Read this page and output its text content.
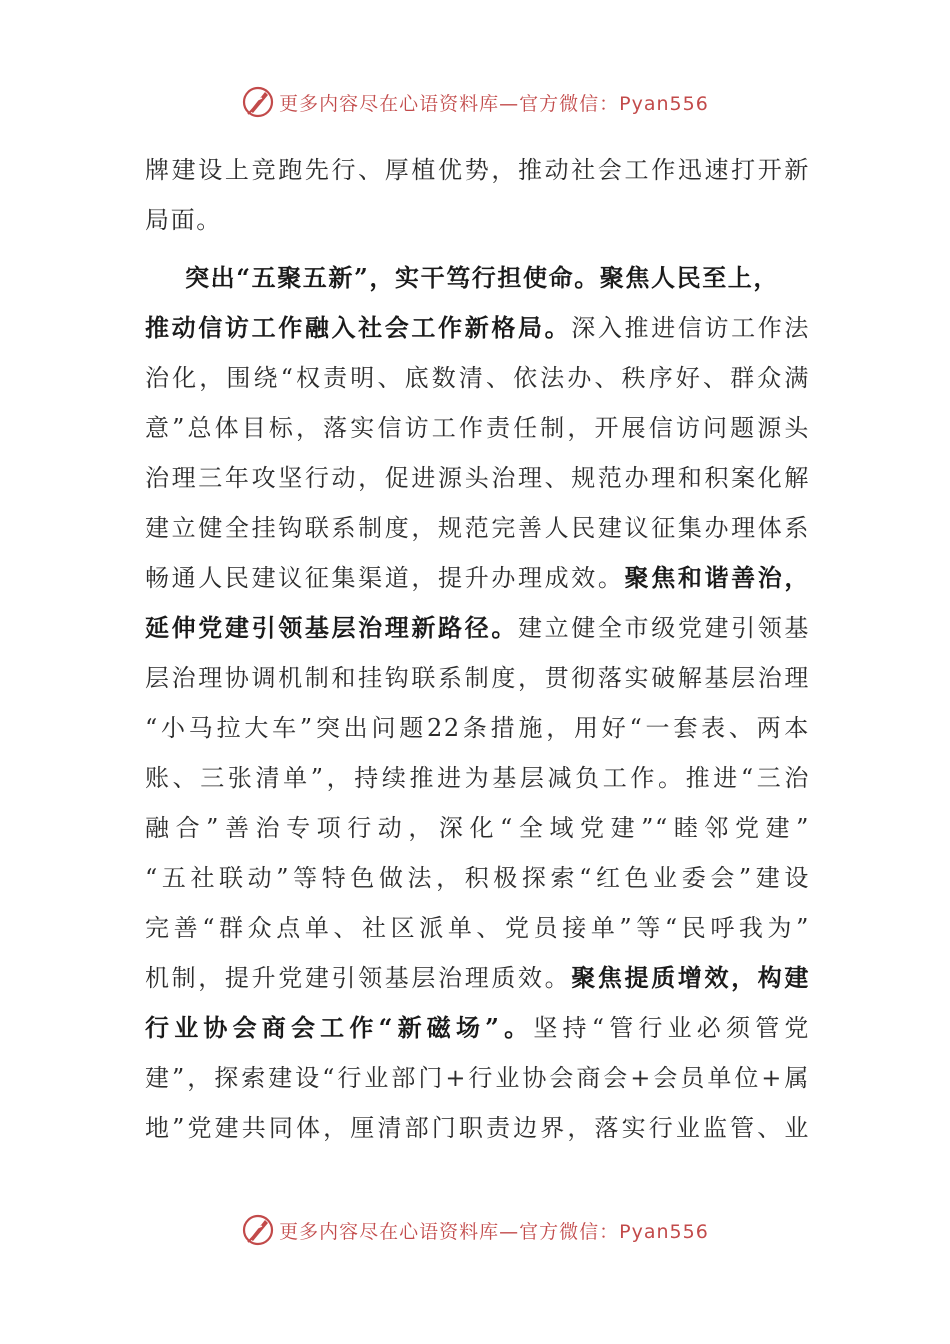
更多内容尽在心语资料库—官方微信：Pyan556
牌建设上竞跑先行、厚植优势，推动社会工作迅速打开新
局面。
突出“五聚五新”，实干笃行担使命。聚焦人民至上，
推动信访工作融入社会工作新格局。深入推进信访工作法
治化，围绕“权责明、底数清、依法办、秩序好、群众满
意”总体目标，落实信访工作责任制，开展信访问题源头
治理三年攻坚行动，促进源头治理、规范办理和积案化解
建立健全挂钩联系制度，规范完善人民建议征集办理体系
畅通人民建议征集渠道，提升办理成效。聚焦和谐善治，
延伸党建引领基层治理新路径。建立健全市级党建引领基
层治理协调机制和挂钩联系制度，贯彻落实破解基层治理
“小马拉大车”突出问题22条措施，用好“一套表、两本
账、三张清单”，持续推进为基层减负工作。推进“三治
融合”善治专项行动，深化“全域党建”“睦邻党建”
“五社联动”等特色做法，积极探索“红色业委会”建设
完善“群众点单、社区派单、党员接单”等“民呼我为”
机制，提升党建引领基层治理质效。聚焦提质增效，构建
行业协会商会工作“新磁场”。坚持“管行业必须管党
建”，探索建设“行业部门+行业协会商会+会员单位+属
地”党建共同体，厘清部门职责边界，落实行业监管、业
更多内容尽在心语资料库—官方微信：Pyan556
